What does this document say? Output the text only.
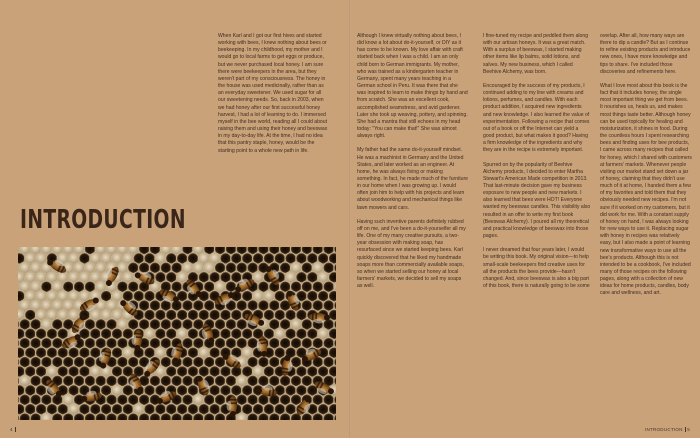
When Karl and I got our first hives and started working with bees, I knew nothing about bees or beekeeping. In my childhood, my mother and I would go to local farms to get eggs or produce, but we never purchased local honey. I am sure there were beekeepers in the area, but they weren't part of my consciousness. The honey in the house was used medicinally, rather than as an everyday sweetener. We used sugar for all our sweetening needs. So, back in 2003, when we had honey after our first successful honey harvest, I had a lot of learning to do. I immersed myself in the bee world, reading all I could about raising them and using their honey and beeswax in my day-to-day life. At the time, I had no idea that this pantry staple, honey, would be the starting point to a whole new path in life.

Although I knew virtually nothing about bees, I did know a lot about do-it-yourself, or DIY as it has come to be known. My love affair with craft started back when I was a child. I am an only child born to German immigrants. My mother, who was trained as a kindergarten teacher in Germany, spent many years teaching in a German school in Peru. It was there that she was inspired to learn to make things by hand and from scratch. She was an excellent cook, accomplished seamstress, and avid gardener. Later she took up weaving, pottery, and spinning. She had a mantra that still echoes in my head today: "You can make that!" She was almost always right.

My father had the same do-it-yourself mindset. He was a machinist in Germany and the United States, and later worked as an engineer. At home, he was always fixing or making something. In fact, he made much of the furniture in our home when I was growing up. I would often join him to help with his projects and learn about woodworking and mechanical things like lawn mowers and cars.

Having such inventive parents definitely rubbed off on me, and I've been a do-it-yourselfer all my life. One of my many creative pursuits, a two-year obsession with making soap, has resurfaced since we started keeping bees. Karl quickly discovered that he liked my handmade soaps more than commercially available soaps, so when we started selling our honey at local farmers' markets, we decided to sell my soaps as well.

I fine-tuned my recipe and peddled them along with our artisan honeys. It was a great match. With a surplus of beeswax, I started making other items like lip balms, solid lotions, and salves. My new business, which I called Beehive Alchemy, was born.

Encouraged by the success of my products, I continued adding to my line with creams and lotions, perfumes, and candles. With each product addition, I acquired new ingredients and new knowledge. I also learned the value of experimentation. Following a recipe that comes out of a book or off the Internet can yield a good product, but what makes it good? Having a firm knowledge of the ingredients and why they are in the recipe is extremely important.

Spurred on by the popularity of Beehive Alchemy products, I decided to enter Martha Stewart's American Made competition in 2013. That last-minute decision gave my business exposure to new people and new markets. I also learned that bees were HOT! Everyone wanted my beeswax candles. This visibility also resulted in an offer to write my first book (Beeswax Alchemy). I poured all my theoretical and practical knowledge of beeswax into those pages.

I never dreamed that four years later, I would be writing this book. My original vision—to help small-scale beekeepers find creative uses for all the products the bees provide—hasn't changed. And, since beeswax is also a big part of this book, there is naturally going to be some

overlap. After all, how many ways are there to dip a candle? But as I continue to refine existing products and introduce new ones, I have more knowledge and tips to share. I've included those discoveries and refinements here.

What I love most about this book is the fact that it includes honey, the single most important thing we get from bees. It nourishes us, heals us, and makes most things taste better. Although honey can be used topically for healing and moisturization, it shines in food. During the countless hours I spent researching bees and finding uses for bee products, I came across many recipes that called for honey, which I shared with customers at farmers' markets. Whenever people visiting our market stand set down a jar of honey, claiming that they didn't use much of it at home, I handed them a few of my favorites and told them that they obviously needed new recipes. I'm not sure if it worked on my customers, but it did work for me. With a constant supply of honey on hand, I was always looking for new ways to use it. Replacing sugar with honey in recipes was relatively easy, but I also made a point of learning new transformative ways to use all the bee's products. Although this is not intended to be a cookbook, I've included many of those recipes on the following pages, along with a collection of new ideas for home products, candles, body care and wellness, and art.

INTRODUCTION
4	INTRODUCTION 5
